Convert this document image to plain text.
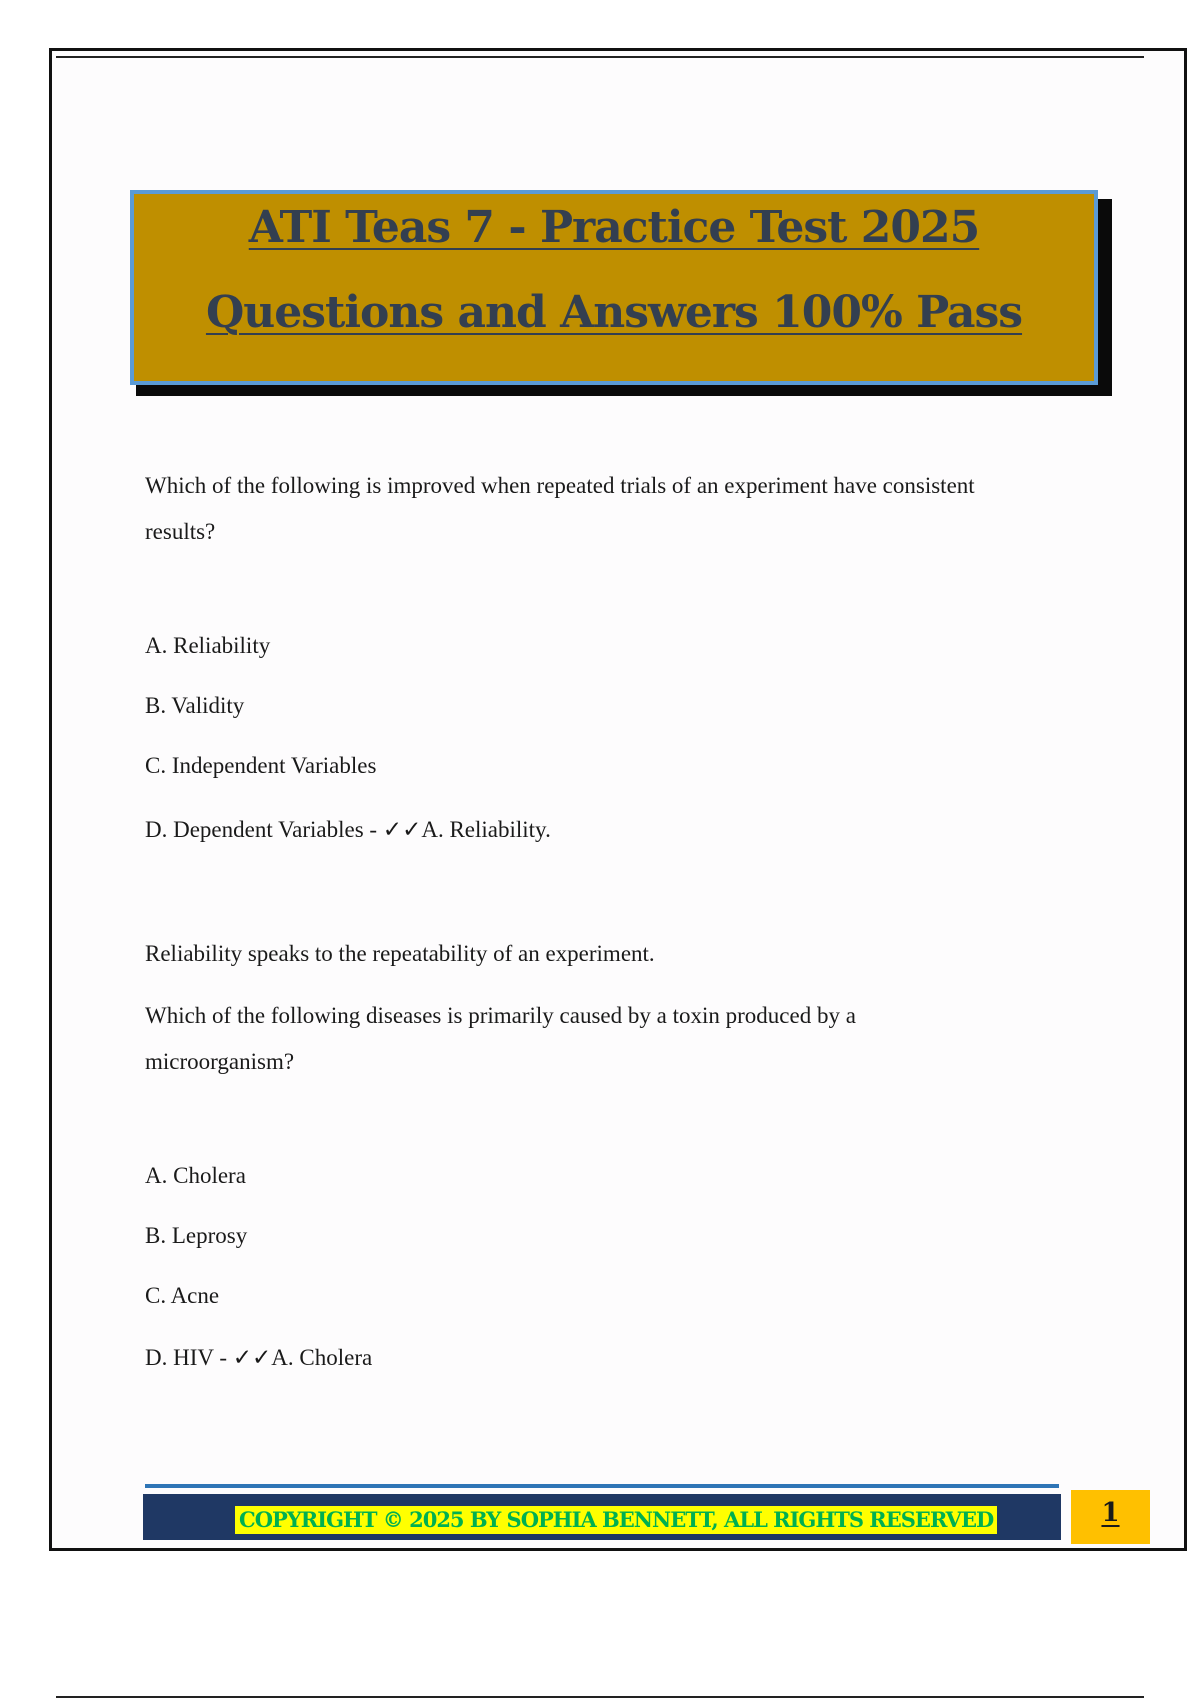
ATI Teas 7 - Practice Test 2025
Questions and Answers 100% Pass

Which of the following is improved when repeated trials of an experiment have consistent results?

A. Reliability

B. Validity

C. Independent Variables

D. Dependent Variables - ✓✓A. Reliability.

Reliability speaks to the repeatability of an experiment.

Which of the following diseases is primarily caused by a toxin produced by a microorganism?

A. Cholera

B. Leprosy

C. Acne

D. HIV - ✓✓A. Cholera

COPYRIGHT © 2025 BY SOPHIA BENNETT, ALL RIGHTS RESERVED	1
